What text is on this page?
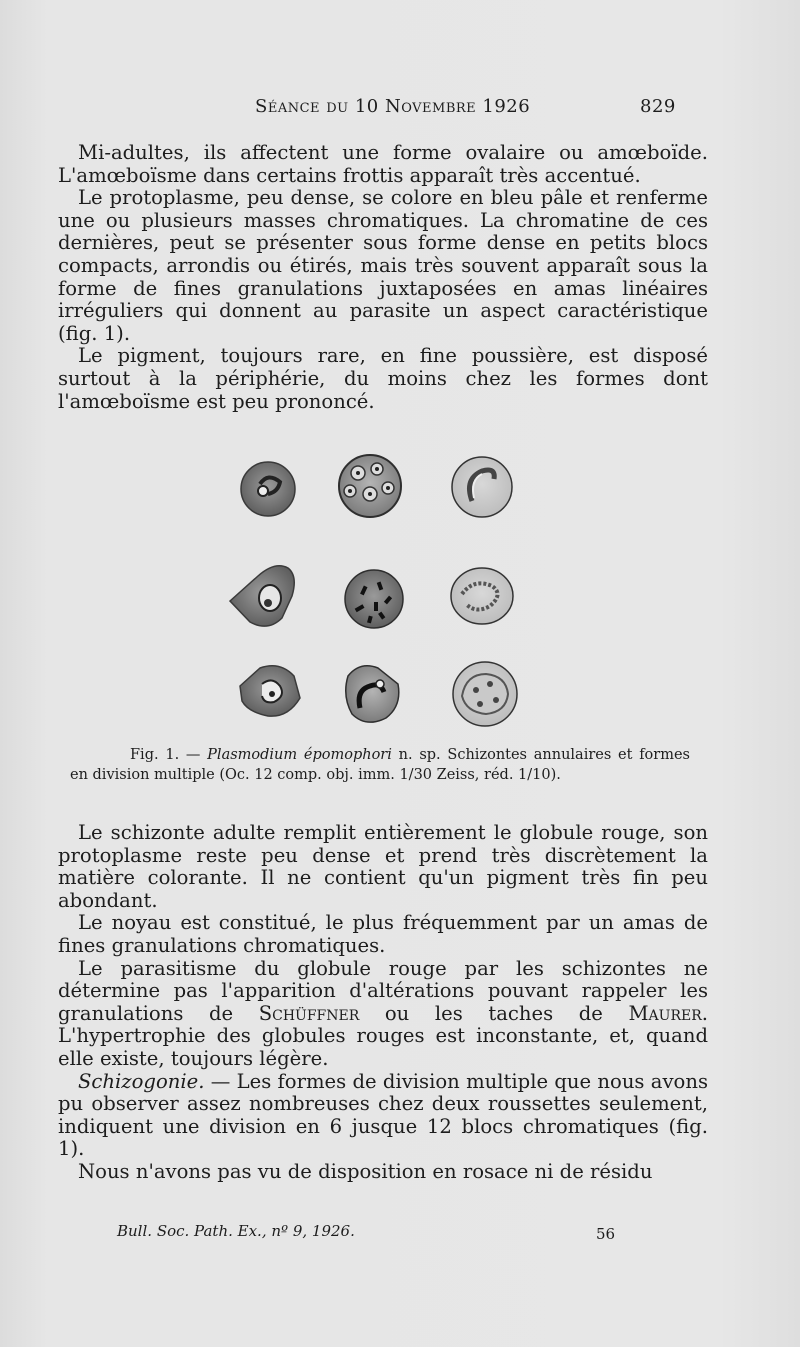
Séance du 10 Novembre 1926	829

Mi-adultes, ils affectent une forme ovalaire ou amœboïde. L'amœboïsme dans certains frottis apparaît très accentué.

Le protoplasme, peu dense, se colore en bleu pâle et renferme une ou plusieurs masses chromatiques. La chromatine de ces dernières, peut se présenter sous forme dense en petits blocs compacts, arrondis ou étirés, mais très souvent apparaît sous la forme de fines granulations juxtaposées en amas linéaires irréguliers qui donnent au parasite un aspect caractéristique (fig. 1).

Le pigment, toujours rare, en fine poussière, est disposé surtout à la périphérie, du moins chez les formes dont l'amœboïsme est peu prononcé.

Fig. 1. — Plasmodium épomophori n. sp. Schizontes annulaires et formes en division multiple (Oc. 12 comp. obj. imm. 1/30 Zeiss, réd. 1/10).

Le schizonte adulte remplit entièrement le globule rouge, son protoplasme reste peu dense et prend très discrètement la matière colorante. Il ne contient qu'un pigment très fin peu abondant.

Le noyau est constitué, le plus fréquemment par un amas de fines granulations chromatiques.

Le parasitisme du globule rouge par les schizontes ne détermine pas l'apparition d'altérations pouvant rappeler les granulations de Schüffner ou les taches de Maurer. L'hypertrophie des globules rouges est inconstante, et, quand elle existe, toujours légère.

Schizogonie. — Les formes de division multiple que nous avons pu observer assez nombreuses chez deux roussettes seulement, indiquent une division en 6 jusque 12 blocs chromatiques (fig. 1).

Nous n'avons pas vu de disposition en rosace ni de résidu

Bull. Soc. Path. Ex., nº 9, 1926.	56
